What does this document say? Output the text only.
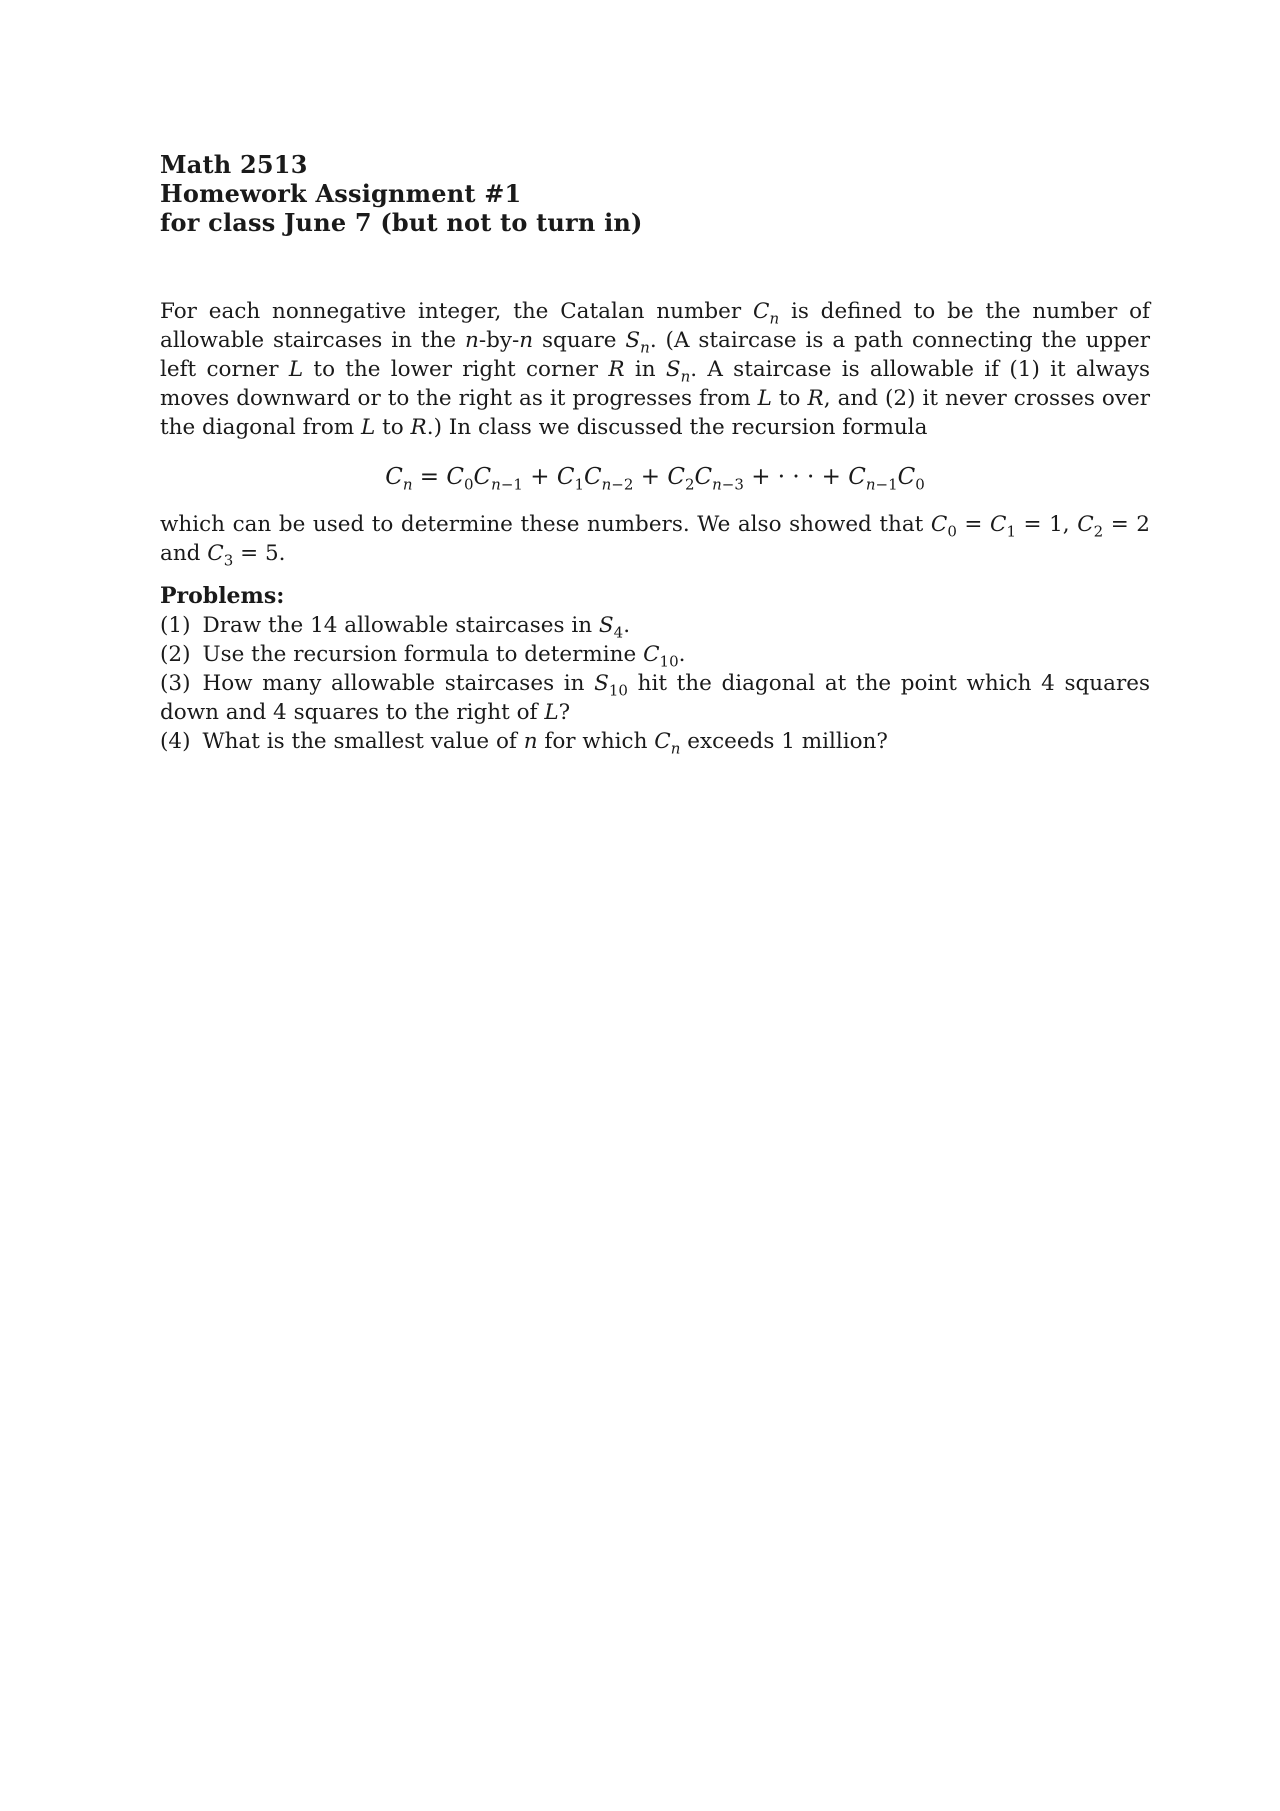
Math 2513
Homework Assignment #1
for class June 7 (but not to turn in)

For each nonnegative integer, the Catalan number $C_n$ is defined to be the number of allowable staircases in the n-by-n square $S_n$. (A staircase is a path connecting the upper left corner L to the lower right corner R in $S_n$. A staircase is allowable if (1) it always moves downward or to the right as it progresses from L to R, and (2) it never crosses over the diagonal from L to R.) In class we discussed the recursion formula

$C_n = C_0C_{n-1} + C_1C_{n-2} + C_2C_{n-3}$ + · · · + $C_{n-1}C_0$

which can be used to determine these numbers. We also showed that $C_0 = C_1 = 1$, $C_2 = 2$ and $C_3 = 5$.

Problems:
(1) Draw the 14 allowable staircases in $S_4$.
(2) Use the recursion formula to determine $C_{10}$.
(3) How many allowable staircases in $S_{10}$ hit the diagonal at the point which 4 squares down and 4 squares to the right of L?
(4) What is the smallest value of n for which $C_n$ exceeds 1 million?
